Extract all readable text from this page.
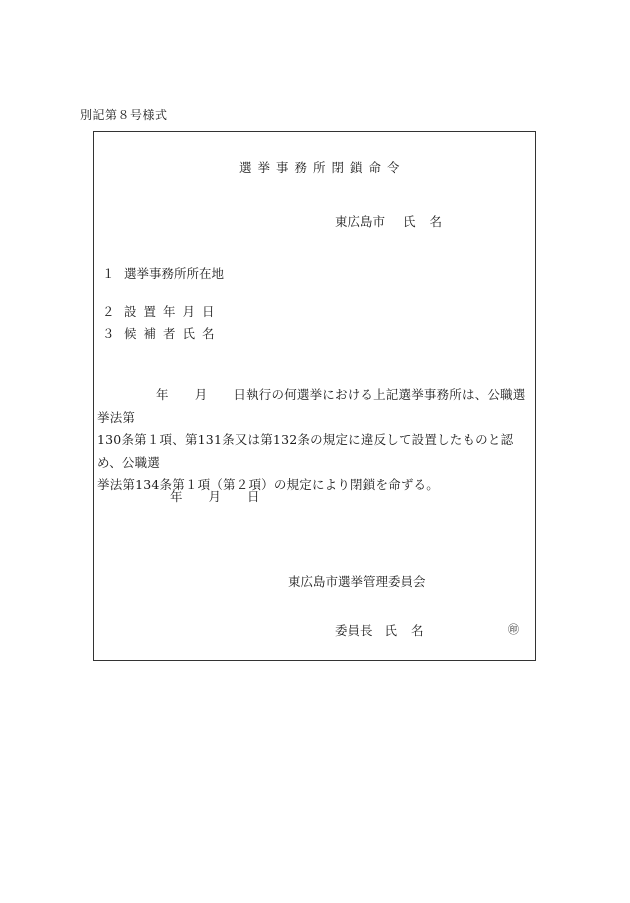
別記第８号様式
選挙事務所閉鎖命令
東広島市 氏 名
１ 選挙事務所所在地
２ 設置年月日
３ 候補者氏名
年 月 日執行の何選挙における上記選挙事務所は、公職選挙法第
130条第１項、第131条又は第132条の規定に違反して設置したものと認め、公職選
挙法第134条第１項（第２項）の規定により閉鎖を命ずる。
年 月 日
東広島市選挙管理委員会
委員長 氏 名	㊞
